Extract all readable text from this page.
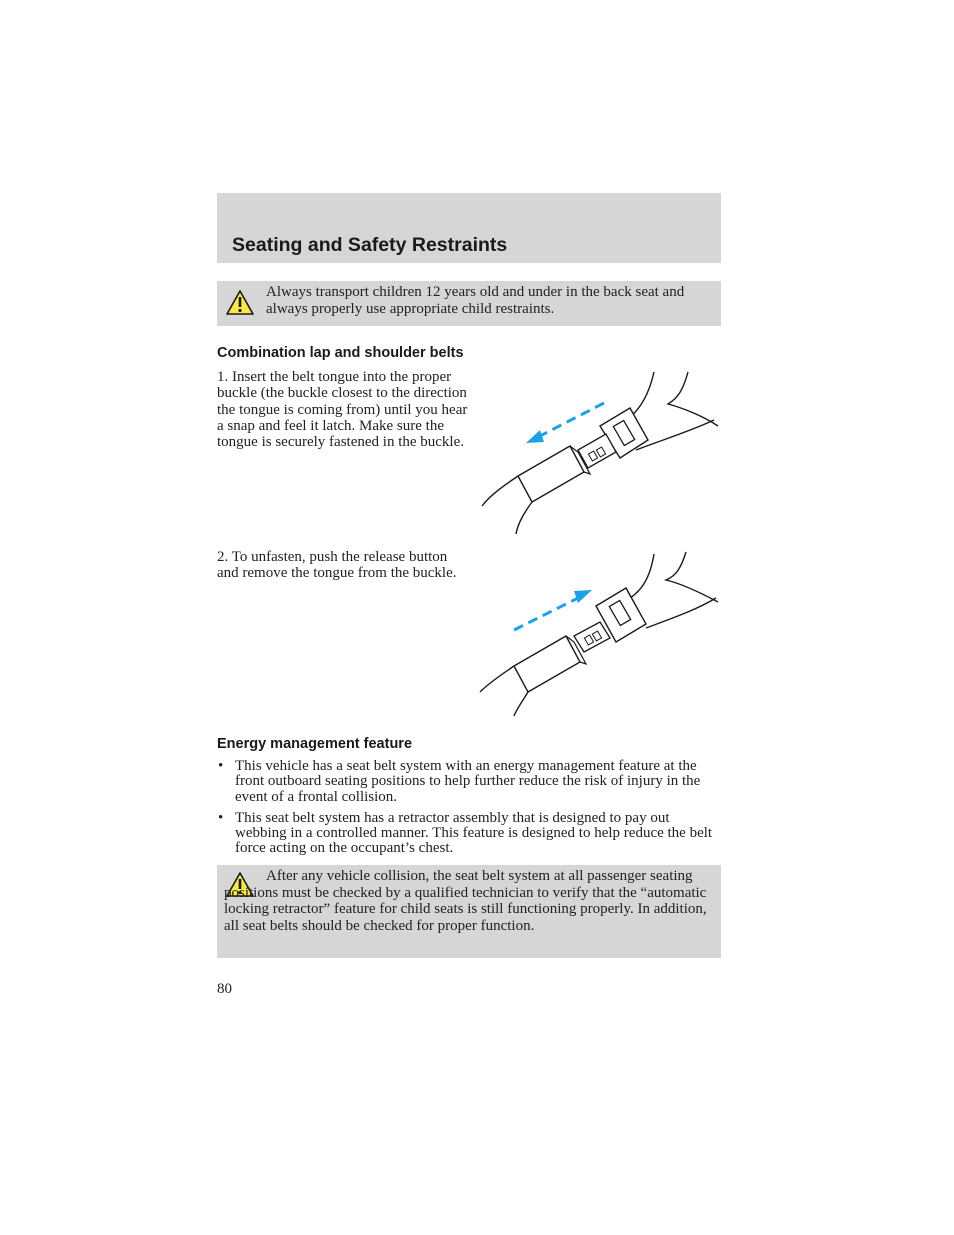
Seating and Safety Restraints
Always transport children 12 years old and under in the back seat and always properly use appropriate child restraints.
Combination lap and shoulder belts
1. Insert the belt tongue into the proper buckle (the buckle closest to the direction the tongue is coming from) until you hear a snap and feel it latch. Make sure the tongue is securely fastened in the buckle.
2. To unfasten, push the release button and remove the tongue from the buckle.
Energy management feature
• This vehicle has a seat belt system with an energy management feature at the front outboard seating positions to help further reduce the risk of injury in the event of a frontal collision.
• This seat belt system has a retractor assembly that is designed to pay out webbing in a controlled manner. This feature is designed to help reduce the belt force acting on the occupant’s chest.
After any vehicle collision, the seat belt system at all passenger seating positions must be checked by a qualified technician to verify that the “automatic locking retractor” feature for child seats is still functioning properly. In addition, all seat belts should be checked for proper function.
80
